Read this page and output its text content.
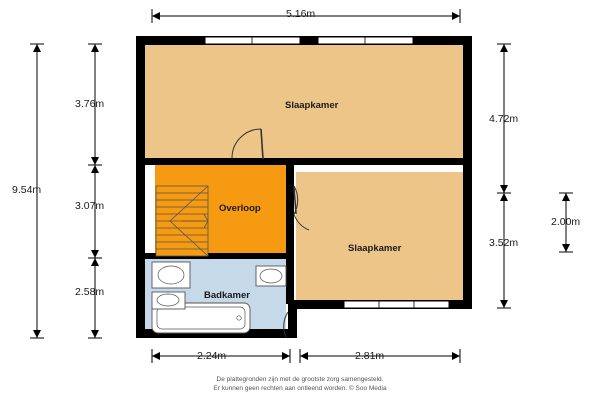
5.16m
9.54m
3.76m
3.07m
2.58m
4.72m
3.52m
2.00m
2.24m	2.81m
Slaapkamer
Overloop
Slaapkamer
Badkamer
De plattegronden zijn met de grootste zorg samengesteld.
Er kunnen geen rechten aan ontleend worden. © Soo Media
